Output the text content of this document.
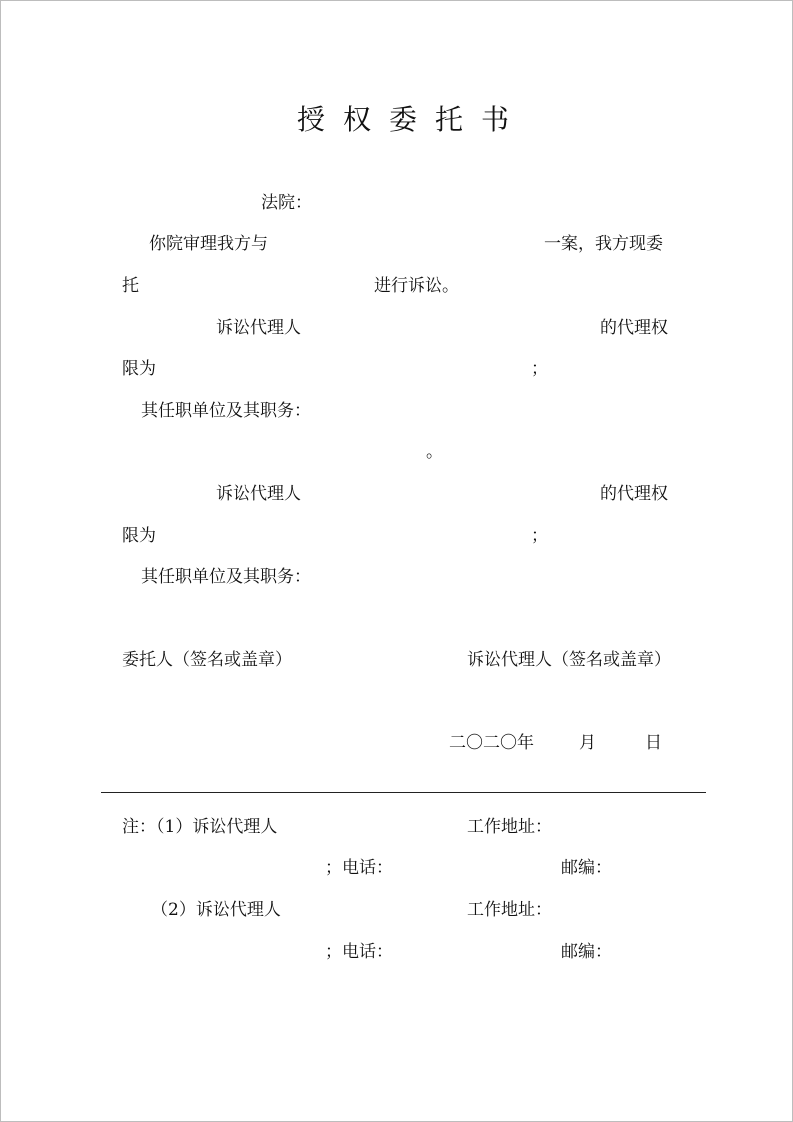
授权委托书
法院：
你院审理我方与	一案，我方现委
托	进行诉讼。
诉讼代理人	的代理权
限为	；
其任职单位及其职务：
。
诉讼代理人	的代理权
限为	；
其任职单位及其职务：
委托人（签名或盖章）	诉讼代理人（签名或盖章）
二〇二〇年	月	日
注：（1）诉讼代理人	工作地址：
；电话：	邮编：
（2）诉讼代理人	工作地址：
；电话：	邮编：
